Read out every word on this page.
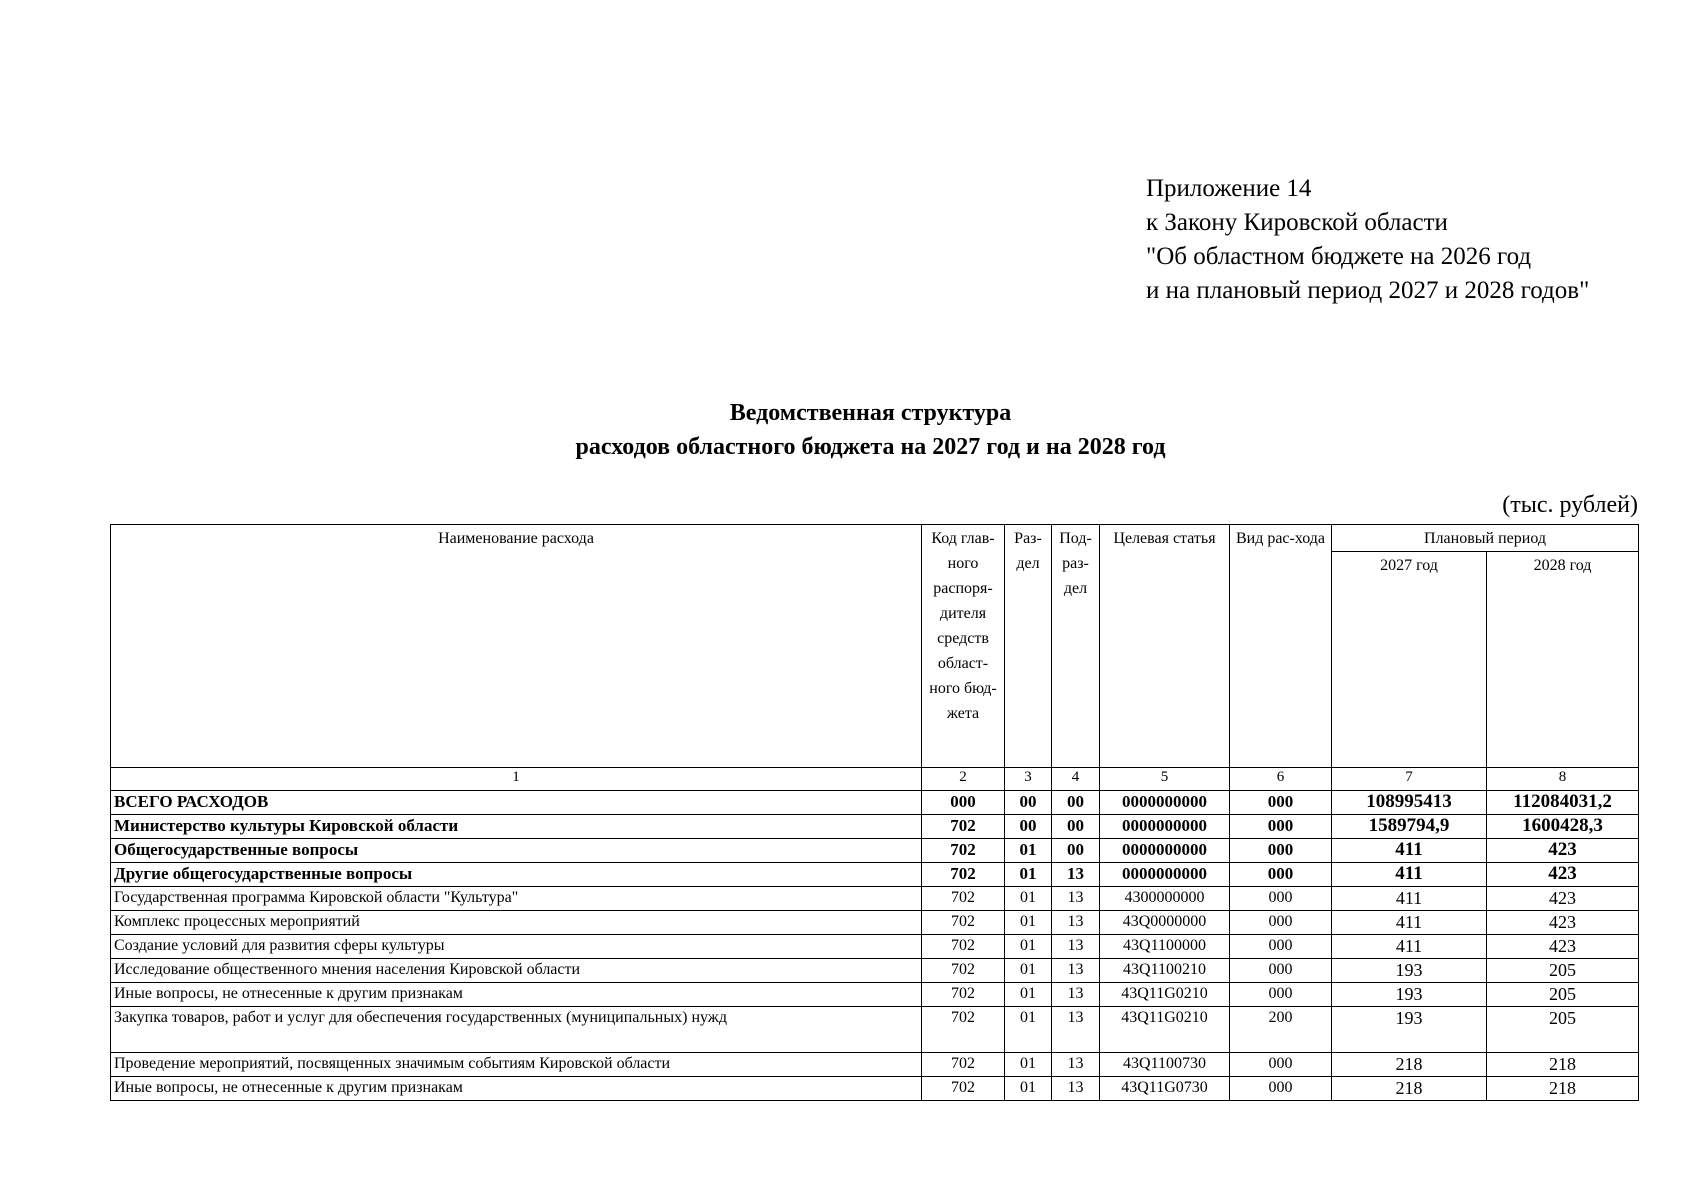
Приложение 14
к Закону Кировской области
"Об областном бюджете на 2026 год
и на плановый период 2027 и 2028 годов"
Ведомственная структура
расходов областного бюджета на 2027 год и на 2028 год
(тыс. рублей)
Наименование расхода	Код глав-ного распоря-дителя средств област-ного бюд-жета	Раз-дел	Под-раз-дел	Целевая статья	Вид рас-хода	Плановый период	
						2027 год	2028 год
1	2	3	4	5	6	7	8
ВСЕГО РАСХОДОВ	000	00	00	0000000000	000	108995413	112084031,2
Министерство культуры Кировской области	702	00	00	0000000000	000	1589794,9	1600428,3
Общегосударственные вопросы	702	01	00	0000000000	000	411	423
Другие общегосударственные вопросы	702	01	13	0000000000	000	411	423
Государственная программа Кировской области "Культура"	702	01	13	4300000000	000	411	423
Комплекс процессных мероприятий	702	01	13	43Q0000000	000	411	423
Создание условий для развития сферы культуры	702	01	13	43Q1100000	000	411	423
Исследование общественного мнения населения Кировской области	702	01	13	43Q1100210	000	193	205
Иные вопросы, не отнесенные к другим признакам	702	01	13	43Q11G0210	000	193	205
Закупка товаров, работ и услуг для обеспечения государственных (муниципальных) нужд	702	01	13	43Q11G0210	200	193	205
Проведение мероприятий, посвященных значимым событиям Кировской области	702	01	13	43Q1100730	000	218	218
Иные вопросы, не отнесенные к другим признакам	702	01	13	43Q11G0730	000	218	218
